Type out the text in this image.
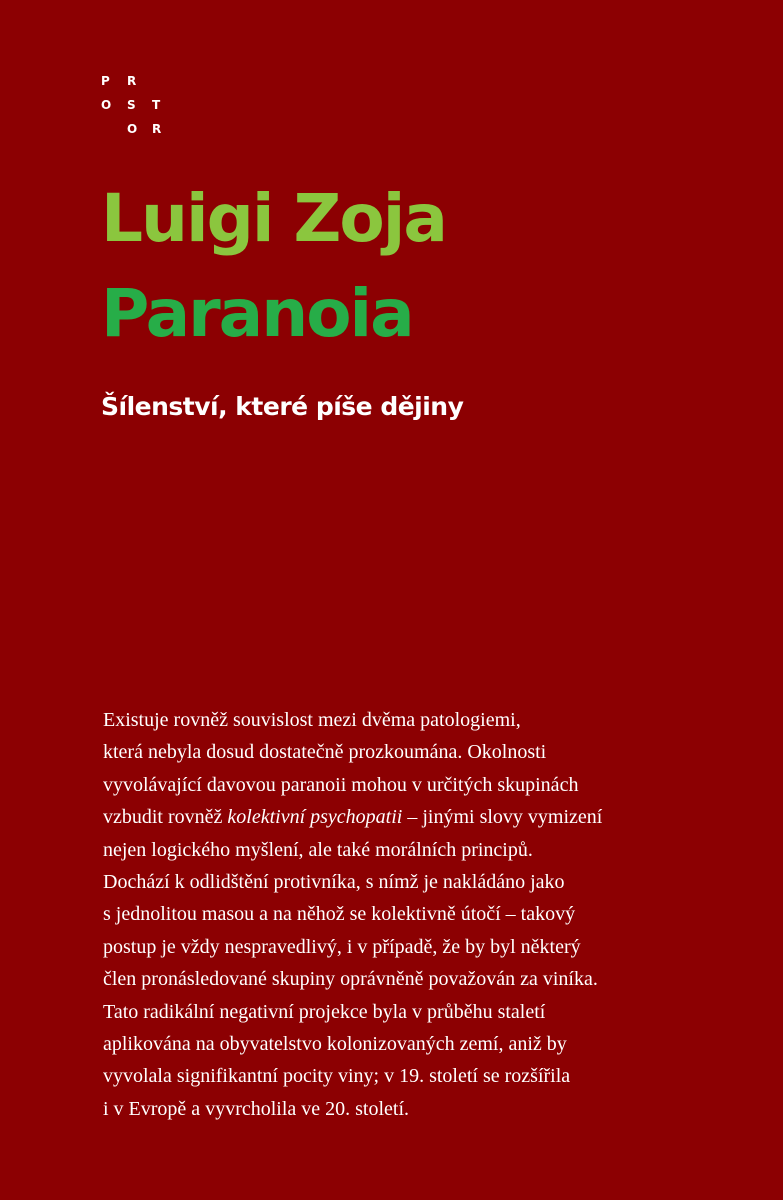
P R
O S T
O R
Luigi Zoja
Paranoia
Šílenství, které píše dějiny

Existuje rovněž souvislost mezi dvěma patologiemi,
která nebyla dosud dostatečně prozkoumána. Okolnosti
vyvolávající davovou paranoii mohou v určitých skupinách
vzbudit rovněž kolektivní psychopatii – jinými slovy vymizení
nejen logického myšlení, ale také morálních principů.
Dochází k odlidštění protivníka, s nímž je nakládáno jako
s jednolitou masou a na něhož se kolektivně útočí – takový
postup je vždy nespravedlivý, i v případě, že by byl některý
člen pronásledované skupiny oprávněně považován za viníka.
Tato radikální negativní projekce byla v průběhu staletí
aplikována na obyvatelstvo kolonizovaných zemí, aniž by
vyvolala signifikantní pocity viny; v 19. století se rozšířila
i v Evropě a vyvrcholila ve 20. století.
